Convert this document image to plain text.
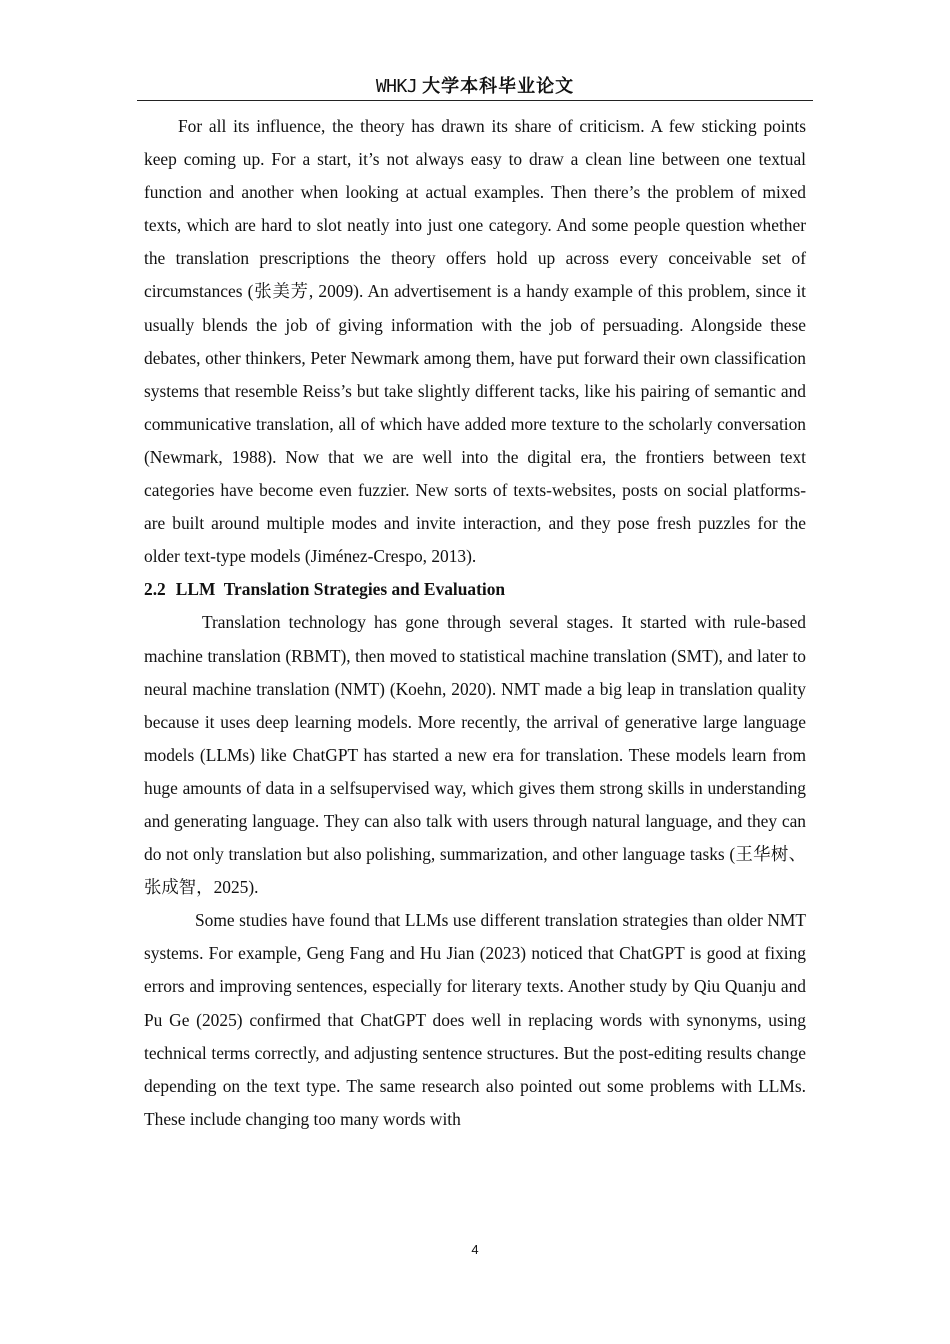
WHKJ 大学本科毕业论文

For all its influence, the theory has drawn its share of criticism. A few sticking points keep coming up. For a start, it’s not always easy to draw a clean line between one textual function and another when looking at actual examples. Then there’s the problem of mixed texts, which are hard to slot neatly into just one category. And some people question whether the translation prescriptions the theory offers hold up across every conceivable set of circumstances (张美芳, 2009). An advertisement is a handy example of this problem, since it usually blends the job of giving information with the job of persuading. Alongside these debates, other thinkers, Peter Newmark among them, have put forward their own classification systems that resemble Reiss’s but take slightly different tacks, like his pairing of semantic and communicative translation, all of which have added more texture to the scholarly conversation (Newmark, 1988). Now that we are well into the digital era, the frontiers between text categories have become even fuzzier. New sorts of texts-websites, posts on social platforms-are built around multiple modes and invite interaction, and they pose fresh puzzles for the older text-type models (Jiménez-Crespo, 2013).

2.2 LLM  Translation Strategies and Evaluation

Translation technology has gone through several stages. It started with rule-based machine translation (RBMT), then moved to statistical machine translation (SMT), and later to neural machine translation (NMT) (Koehn, 2020). NMT made a big leap in translation quality because it uses deep learning models. More recently, the arrival of generative large language models (LLMs) like ChatGPT has started a new era for translation. These models learn from huge amounts of data in a selfsupervised way, which gives them strong skills in understanding and generating language. They can also talk with users through natural language, and they can do not only translation but also polishing, summarization, and other language tasks (王华树、张成智，2025).

Some studies have found that LLMs use different translation strategies than older NMT systems. For example, Geng Fang and Hu Jian (2023) noticed that ChatGPT is good at fixing errors and improving sentences, especially for literary texts. Another study by Qiu Quanju and Pu Ge (2025) confirmed that ChatGPT does well in replacing words with synonyms, using technical terms correctly, and adjusting sentence structures. But the post-editing results change depending on the text type. The same research also pointed out some problems with LLMs. These include changing too many words with

4
